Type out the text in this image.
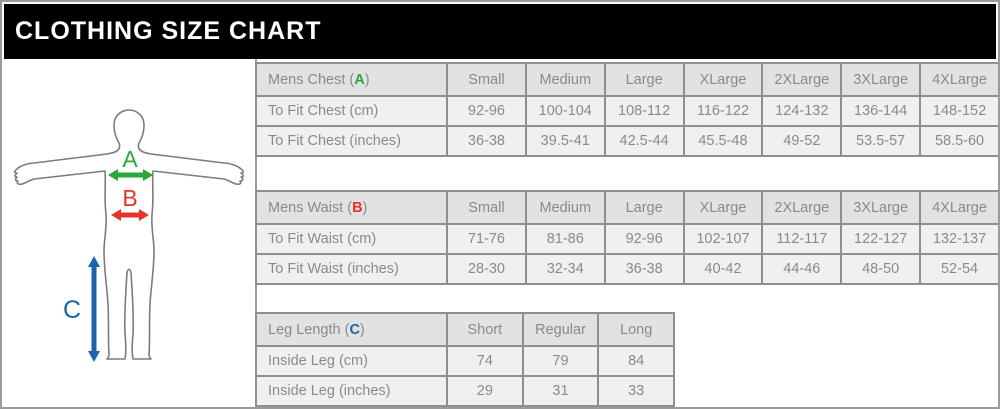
CLOTHING SIZE CHART
A
B
C
Mens Chest (A)	Small	Medium	Large	XLarge	2XLarge	3XLarge	4XLarge
To Fit Chest (cm)	92-96	100-104	108-112	116-122	124-132	136-144	148-152
To Fit Chest (inches)	36-38	39.5-41	42.5-44	45.5-48	49-52	53.5-57	58.5-60
Mens Waist (B)	Small	Medium	Large	XLarge	2XLarge	3XLarge	4XLarge
To Fit Waist (cm)	71-76	81-86	92-96	102-107	112-117	122-127	132-137
To Fit Waist (inches)	28-30	32-34	36-38	40-42	44-46	48-50	52-54
Leg Length (C)	Short	Regular	Long
Inside Leg (cm)	74	79	84
Inside Leg (inches)	29	31	33
